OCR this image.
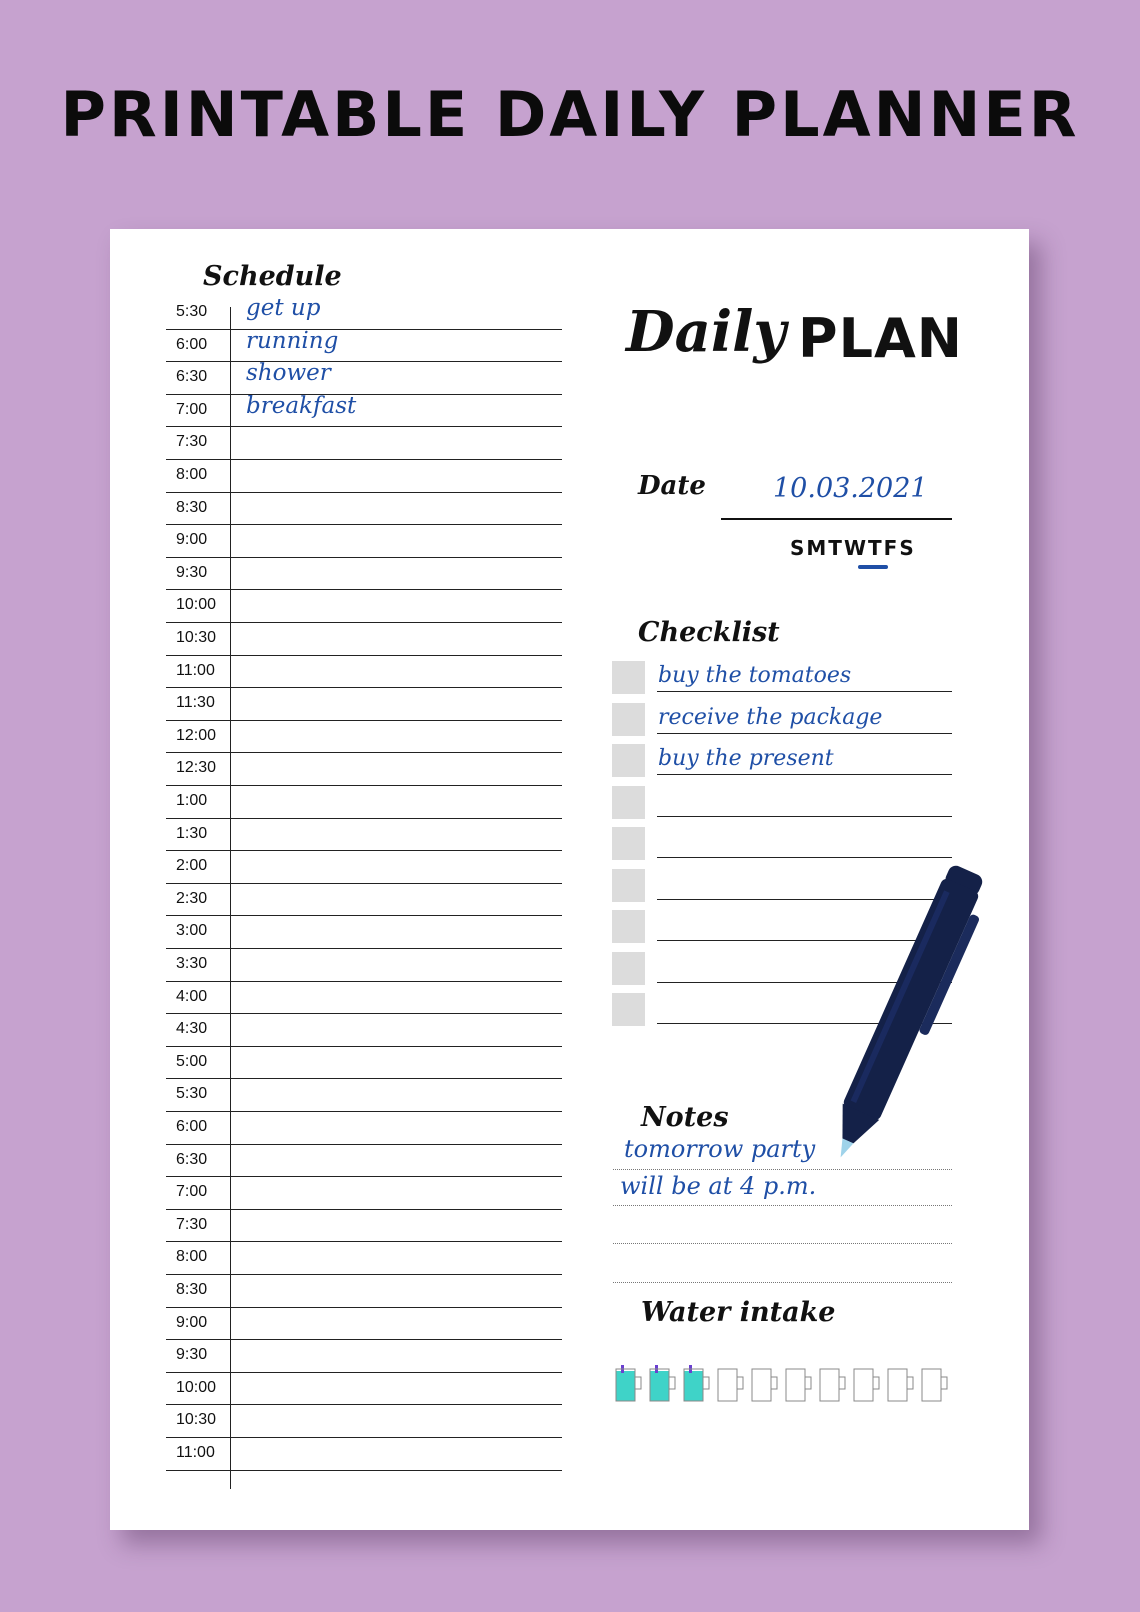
PRINTABLE DAILY PLANNER
Schedule
5:30
6:00
6:30
7:00
7:30
8:00
8:30
9:00
9:30
10:00
10:30
11:00
11:30
12:00
12:30
1:00
1:30
2:00
2:30
3:00
3:30
4:00
4:30
5:00
5:30
6:00
6:30
7:00
7:30
8:00
8:30
9:00
9:30
10:00
10:30
11:00
get up
running
shower
breakfast
Daily PLAN
Date 10.03.2021
SMTWTFS
Checklist
buy the tomatoes
receive the package
buy the present
Notes
tomorrow party
will be at 4 p.m.
Water intake
